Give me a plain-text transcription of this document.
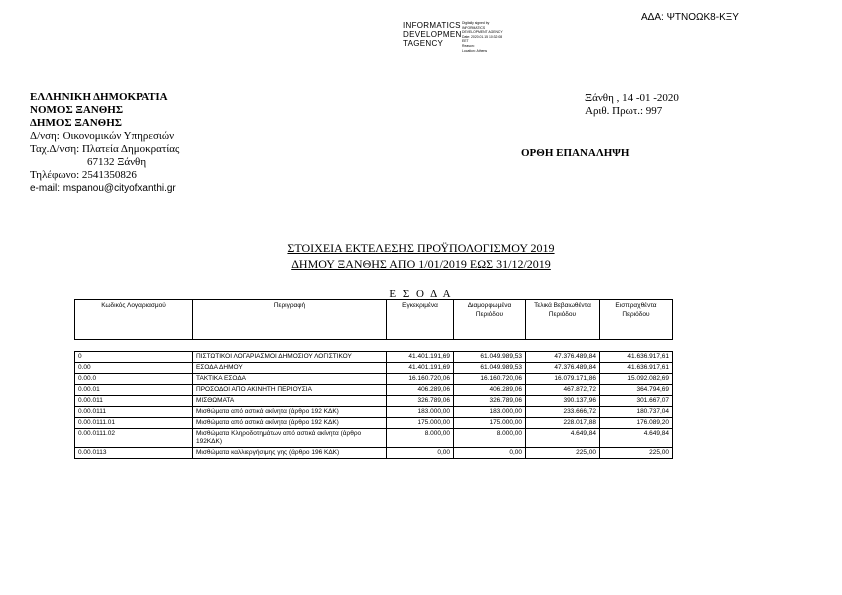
ΑΔΑ: ΨΤΝΟΩΚ8-ΚΞΥ
INFORMATICS
DEVELOPMEN
TAGENCY
Digitally signed by
INFORMATICS
DEVELOPMENT AGENCY
Date: 2020.01.15 10:32:08
EET
Reason:
Location: Athens
ΕΛΛΗΝΙΚΗ ΔΗΜΟΚΡΑΤΙΑ
ΝΟΜΟΣ ΞΑΝΘΗΣ
ΔΗΜΟΣ ΞΑΝΘΗΣ
Δ/νση: Οικονομικών Υπηρεσιών
Ταχ.Δ/νση: Πλατεία Δημοκρατίας
67132 Ξάνθη
Τηλέφωνο: 2541350826
e-mail: mspanou@cityofxanthi.gr
Ξάνθη , 14 -01 -2020
Αριθ. Πρωτ.: 997
ΟΡΘΗ ΕΠΑΝΑΛΗΨΗ
ΣΤΟΙΧΕΙΑ ΕΚΤΕΛΕΣΗΣ ΠΡΟΫΠΟΛΟΓΙΣΜΟΥ 2019
ΔΗΜΟΥ ΞΑΝΘΗΣ ΑΠΟ 1/01/2019 ΕΩΣ 31/12/2019
Ε Σ Ο Δ Α
Κωδικός Λογαριασμού	Περιγραφή	Εγκεκριμένα	Διαμορφωμένα Περιόδου	Τελικά Βεβαιωθέντα Περιόδου	Εισπραχθέντα Περιόδου

0	ΠΙΣΤΩΤΙΚΟΙ ΛΟΓΑΡΙΑΣΜΟΙ ΔΗΜΟΣΙΟΥ ΛΟΓΙΣΤΙΚΟΥ	41.401.191,69	61.049.989,53	47.376.489,84	41.636.917,61
0.00	ΕΣΟΔΑ ΔΗΜΟΥ	41.401.191,69	61.049.989,53	47.376.489,84	41.636.917,61
0.00.0	ΤΑΚΤΙΚΑ ΕΣΟΔΑ	16.160.720,06	16.160.720,06	16.079.171,86	15.092.082,69
0.00.01	ΠΡΟΣΟΔΟΙ ΑΠΟ ΑΚΙΝΗΤΗ ΠΕΡΙΟΥΣΙΑ	406.289,06	406.289,06	467.872,72	364.794,69
0.00.011	ΜΙΣΘΩΜΑΤΑ	326.789,06	326.789,06	390.137,96	301.667,07
0.00.0111	Μισθώματα από αστικά ακίνητα (άρθρο 192 ΚΔΚ)	183.000,00	183.000,00	233.666,72	180.737,04
0.00.0111.01	Μισθώματα από αστικά ακίνητα (άρθρο 192 ΚΔΚ)	175.000,00	175.000,00	228.017,88	176.089,20
0.00.0111.02	Μισθώματα Κληροδοτημάτων από αστικά ακίνητα (άρθρο 192ΚΔΚ)	8.000,00	8.000,00	4.649,84	4.649,84
0.00.0113	Μισθώματα καλλιεργήσιμης γης (άρθρο 196 ΚΔΚ)	0,00	0,00	225,00	225,00
